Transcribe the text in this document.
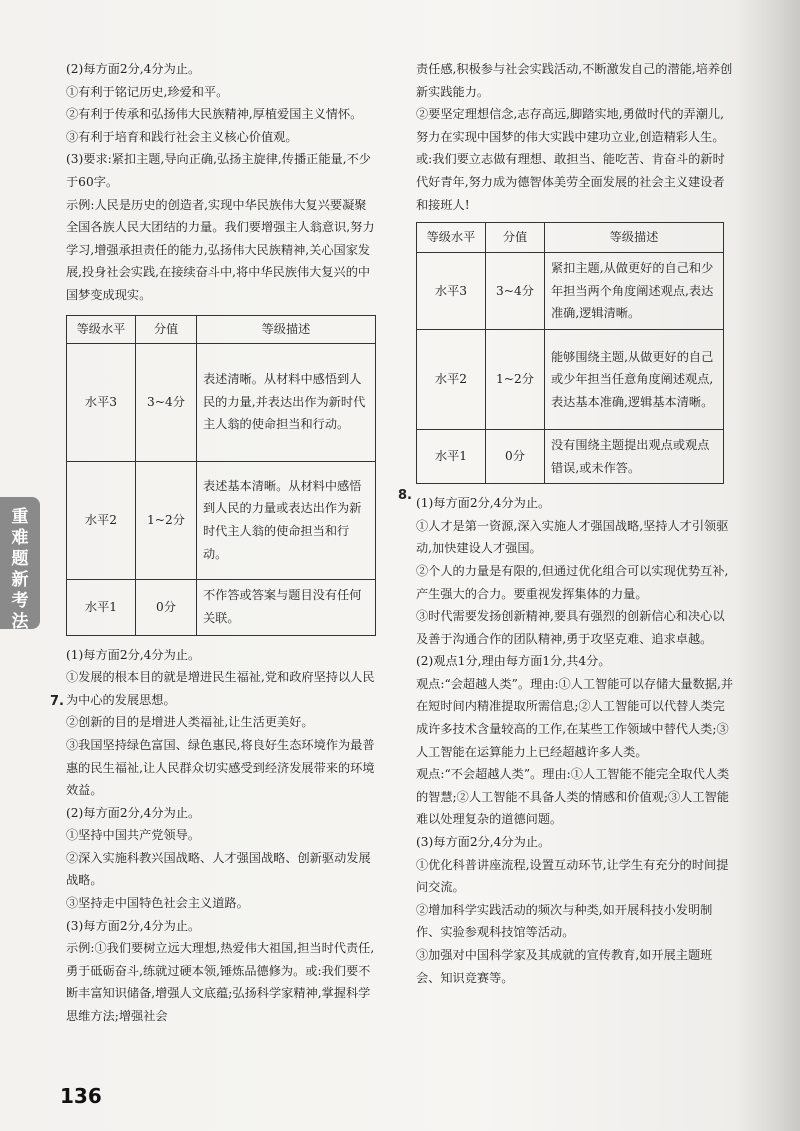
重
难
题
新
考
法

(2)每方面2分,4分为止。

①有利于铭记历史,珍爱和平。

②有利于传承和弘扬伟大民族精神,厚植爱国主义情怀。

③有利于培育和践行社会主义核心价值观。

(3)要求:紧扣主题,导向正确,弘扬主旋律,传播正能量,不少于60字。

示例:人民是历史的创造者,实现中华民族伟大复兴要凝聚全国各族人民大团结的力量。我们要增强主人翁意识,努力学习,增强承担责任的能力,弘扬伟大民族精神,关心国家发展,投身社会实践,在接续奋斗中,将中华民族伟大复兴的中国梦变成现实。

等级水平	分值	等级描述
水平3	3~4分	表述清晰。从材料中感悟到人民的力量,并表达出作为新时代主人翁的使命担当和行动。
水平2	1~2分	表述基本清晰。从材料中感悟到人民的力量或表达出作为新时代主人翁的使命担当和行动。
水平1	0分	不作答或答案与题目没有任何关联。

(1)每方面2分,4分为止。

①发展的根本目的就是增进民生福祉,党和政府坚持以人民为中心的发展思想。

②创新的目的是增进人类福祉,让生活更美好。

③我国坚持绿色富国、绿色惠民,将良好生态环境作为最普惠的民生福祉,让人民群众切实感受到经济发展带来的环境效益。

(2)每方面2分,4分为止。

①坚持中国共产党领导。

②深入实施科教兴国战略、人才强国战略、创新驱动发展战略。

③坚持走中国特色社会主义道路。

(3)每方面2分,4分为止。

示例:①我们要树立远大理想,热爱伟大祖国,担当时代责任,勇于砥砺奋斗,练就过硬本领,锤炼品德修为。或:我们要不断丰富知识储备,增强人文底蕴;弘扬科学家精神,掌握科学思维方法;增强社会

7.

责任感,积极参与社会实践活动,不断激发自己的潜能,培养创新实践能力。

②要坚定理想信念,志存高远,脚踏实地,勇做时代的弄潮儿,努力在实现中国梦的伟大实践中建功立业,创造精彩人生。或:我们要立志做有理想、敢担当、能吃苦、肯奋斗的新时代好青年,努力成为德智体美劳全面发展的社会主义建设者和接班人!

等级水平	分值	等级描述
水平3	3~4分	紧扣主题,从做更好的自己和少年担当两个角度阐述观点,表达准确,逻辑清晰。
水平2	1~2分	能够围绕主题,从做更好的自己或少年担当任意角度阐述观点,表达基本准确,逻辑基本清晰。
水平1	0分	没有围绕主题提出观点或观点错误,或未作答。

(1)每方面2分,4分为止。

①人才是第一资源,深入实施人才强国战略,坚持人才引领驱动,加快建设人才强国。

②个人的力量是有限的,但通过优化组合可以实现优势互补,产生强大的合力。要重视发挥集体的力量。

③时代需要发扬创新精神,要具有强烈的创新信心和决心以及善于沟通合作的团队精神,勇于攻坚克难、追求卓越。

(2)观点1分,理由每方面1分,共4分。

观点:“会超越人类”。理由:①人工智能可以存储大量数据,并在短时间内精准提取所需信息;②人工智能可以代替人类完成许多技术含量较高的工作,在某些工作领域中替代人类;③人工智能在运算能力上已经超越许多人类。

观点:“不会超越人类”。理由:①人工智能不能完全取代人类的智慧;②人工智能不具备人类的情感和价值观;③人工智能难以处理复杂的道德问题。

(3)每方面2分,4分为止。

①优化科普讲座流程,设置互动环节,让学生有充分的时间提问交流。

②增加科学实践活动的频次与种类,如开展科技小发明制作、实验参观科技馆等活动。

③加强对中国科学家及其成就的宣传教育,如开展主题班会、知识竞赛等。

8.
136
